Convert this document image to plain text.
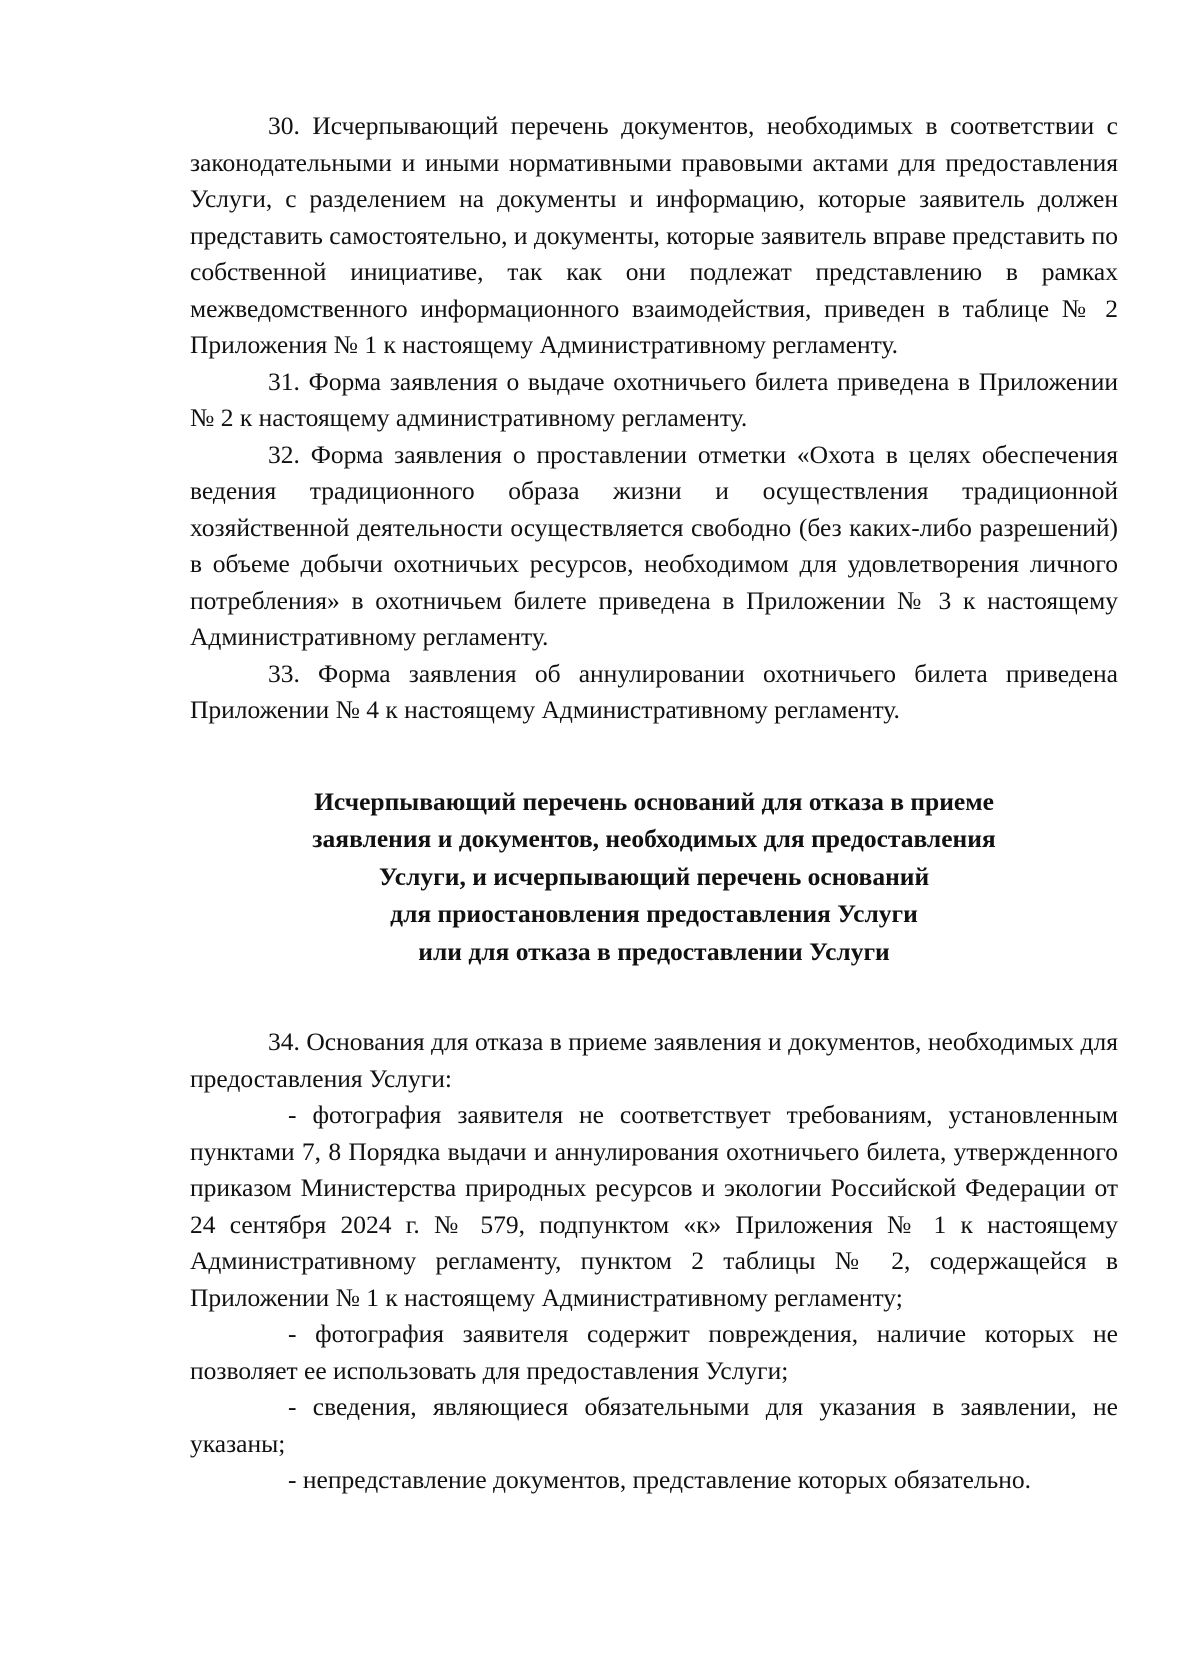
30. Исчерпывающий перечень документов, необходимых в соответствии с законодательными и иными нормативными правовыми актами для предоставления Услуги, с разделением на документы и информацию, которые заявитель должен представить самостоятельно, и документы, которые заявитель вправе представить по собственной инициативе, так как они подлежат представлению в рамках межведомственного информационного взаимодействия, приведен в таблице № 2 Приложения № 1 к настоящему Административному регламенту.

31. Форма заявления о выдаче охотничьего билета приведена в Приложении № 2 к настоящему административному регламенту.

32. Форма заявления о проставлении отметки «Охота в целях обеспечения ведения традиционного образа жизни и осуществления традиционной хозяйственной деятельности осуществляется свободно (без каких-либо разрешений) в объеме добычи охотничьих ресурсов, необходимом для удовлетворения личного потребления» в охотничьем билете приведена в Приложении № 3 к настоящему Административному регламенту.

33. Форма заявления об аннулировании охотничьего билета приведена Приложении № 4 к настоящему Административному регламенту.

Исчерпывающий перечень оснований для отказа в приеме
заявления и документов, необходимых для предоставления
Услуги, и исчерпывающий перечень оснований
для приостановления предоставления Услуги
или для отказа в предоставлении Услуги

34. Основания для отказа в приеме заявления и документов, необходимых для предоставления Услуги:

- фотография заявителя не соответствует требованиям, установленным пунктами 7, 8 Порядка выдачи и аннулирования охотничьего билета, утвержденного приказом Министерства природных ресурсов и экологии Российской Федерации от 24 сентября 2024 г. № 579, подпунктом «к» Приложения № 1 к настоящему Административному регламенту, пунктом 2 таблицы № 2, содержащейся в Приложении № 1 к настоящему Административному регламенту;

- фотография заявителя содержит повреждения, наличие которых не позволяет ее использовать для предоставления Услуги;

- сведения, являющиеся обязательными для указания в заявлении, не указаны;

- непредставление документов, представление которых обязательно.
